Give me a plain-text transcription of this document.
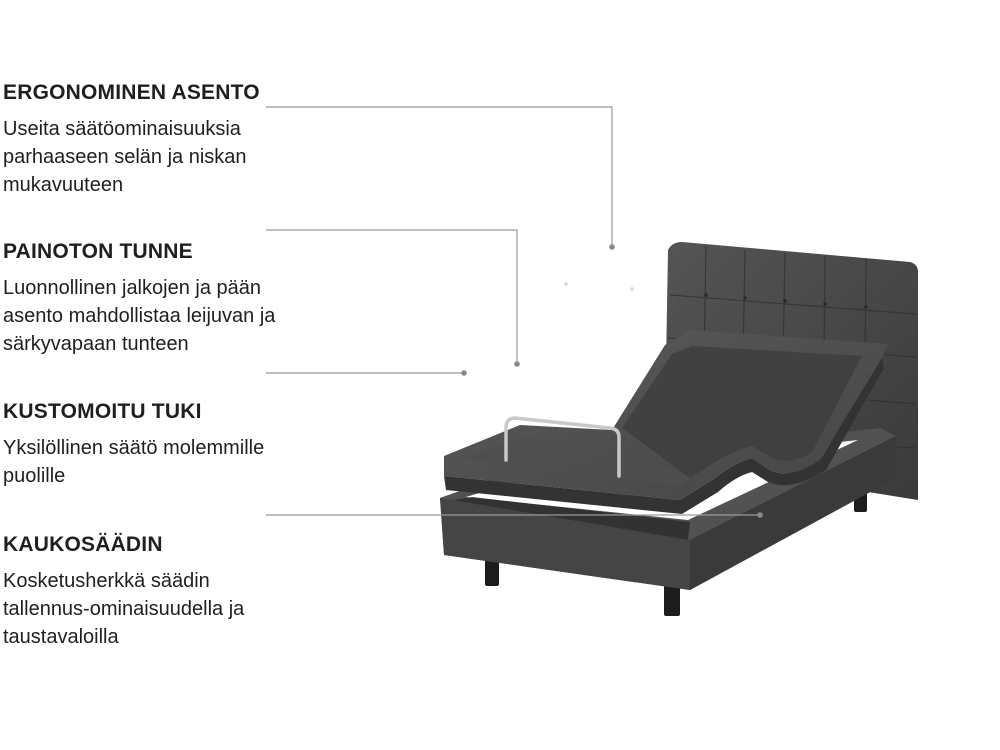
ERGONOMINEN ASENTO

Useita säätöominaisuuksia
parhaaseen selän ja niskan
mukavuuteen

PAINOTON TUNNE

Luonnollinen jalkojen ja pään
asento mahdollistaa leijuvan ja
särkyvapaan tunteen

KUSTOMOITU TUKI

Yksilöllinen säätö molemmille
puolille

KAUKOSÄÄDIN

Kosketusherkkä säädin
tallennus-ominaisuudella ja
taustavaloilla
